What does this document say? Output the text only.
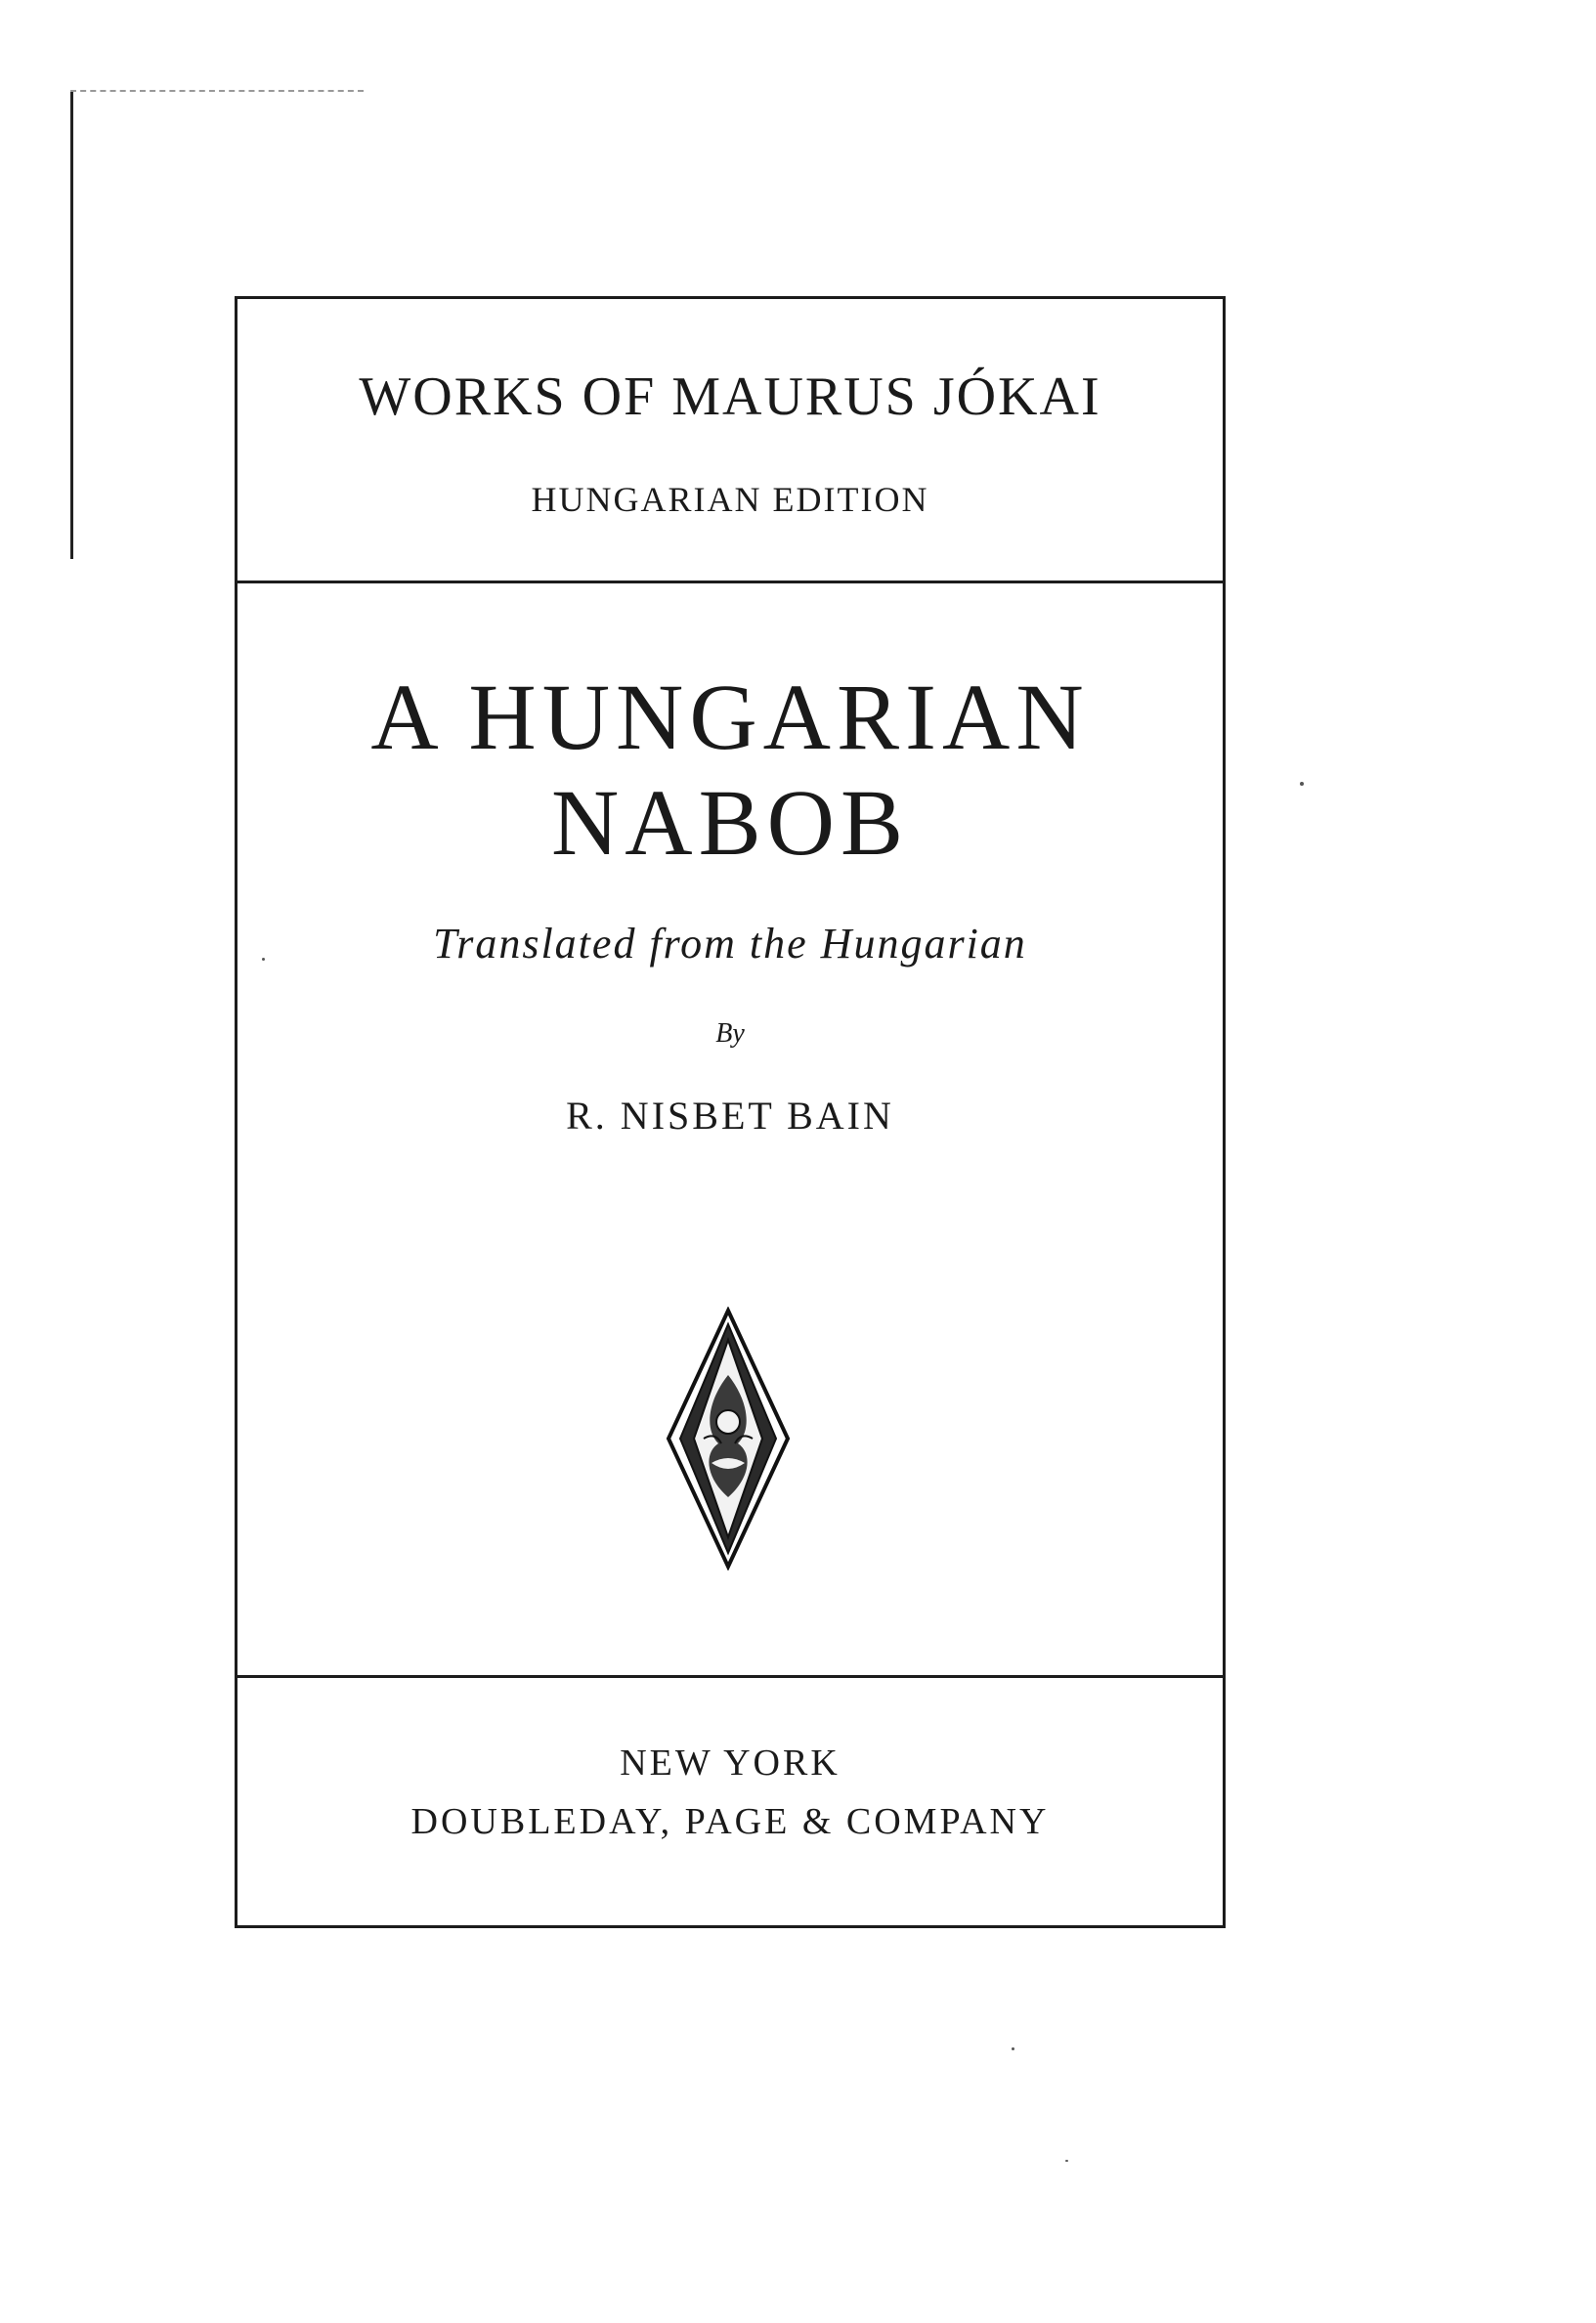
WORKS OF MAURUS JÓKAI
HUNGARIAN EDITION
A HUNGARIAN
NABOB
Translated from the Hungarian
By
R. NISBET BAIN
NEW YORK
DOUBLEDAY, PAGE & COMPANY
